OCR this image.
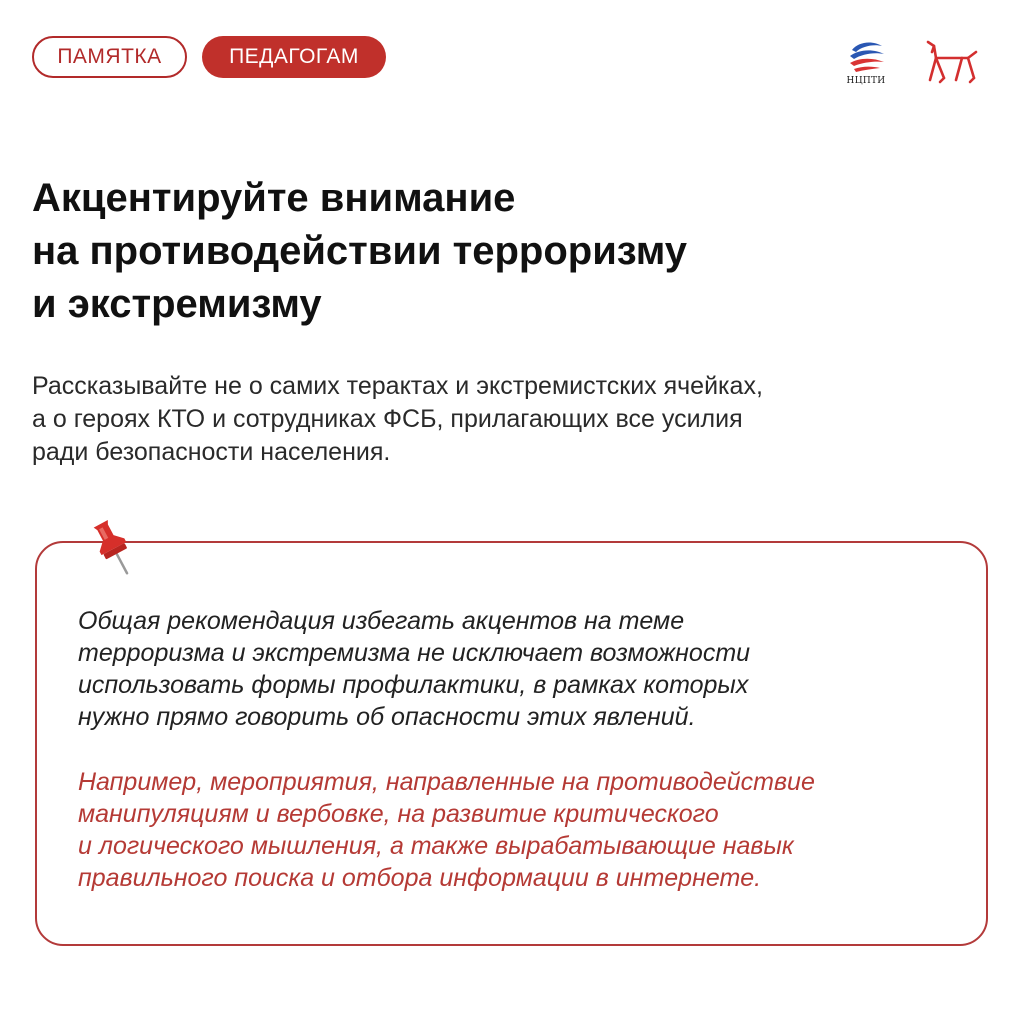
ПАМЯТКА	ПЕДАГОГАМ
НЦПТИ
Акцентируйте внимание
на противодействии терроризму
и экстремизму

Рассказывайте не о самих терактах и экстремистских ячейках,
а о героях КТО и сотрудниках ФСБ, прилагающих все усилия
ради безопасности населения.

Общая рекомендация избегать акцентов на теме
терроризма и экстремизма не исключает возможности
использовать формы профилактики, в рамках которых
нужно прямо говорить об опасности этих явлений.

Например, мероприятия, направленные на противодействие
манипуляциям и вербовке, на развитие критического
и логического мышления, а также вырабатывающие навык
правильного поиска и отбора информации в интернете.
